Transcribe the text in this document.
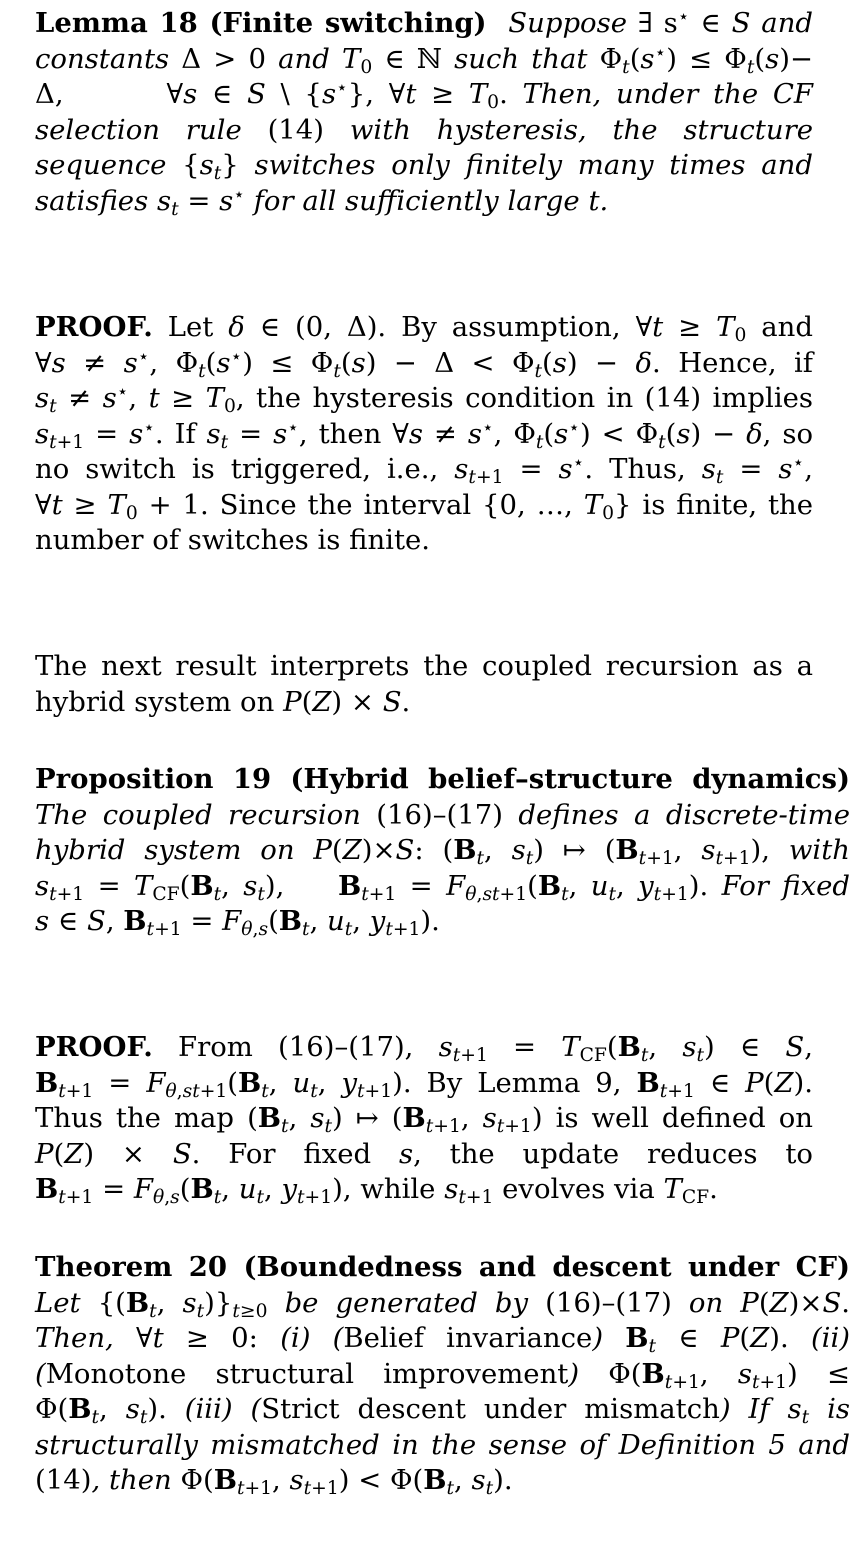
Lemma 18 (Finite switching) Suppose ∃ s⋆ ∈ S and constants Δ > 0 and $T_0$ ∈ ℕ such that $\Phi_t(s^⋆) \le \Phi_t(s)- \Delta$,       ∀s ∈ S \ {s⋆}, ∀t ≥ $T_0$. Then, under the CF selection rule (14) with hysteresis, the structure sequence $\{s_t\}$ switches only finitely many times and satisfies $s_t = s^⋆$ for all sufficiently large t.

PROOF. Let δ ∈ (0, Δ). By assumption, ∀t ≥ $T_0$ and ∀s ≠ s⋆, $\Phi_t(s^⋆) \le \Phi_t(s) - \Delta < \Phi_t(s) - \delta$. Hence, if $s_t \ne s^⋆$, $t \ge T_0$, the hysteresis condition in (14) implies $s_{t+1} = s^⋆$. If $s_t = s^⋆$, then ∀s ≠ s⋆, $\Phi_t(s^⋆) < \Phi_t(s) - \delta$, so no switch is triggered, i.e., $s_{t+1} = s^⋆$. Thus, $s_t = s^⋆$, ∀t ≥ $T_0 + 1$. Since the interval {0, …, $T_0$} is finite, the number of switches is finite.

The next result interprets the coupled recursion as a hybrid system on P(Z) × S.

Proposition 19 (Hybrid belief–structure dynamics) The coupled recursion (16)–(17) defines a discrete-time hybrid system on P(Z)×S: ($B_t$, $s_t$) ↦ ($B_{t+1}$, $s_{t+1}$), with $s_{t+1} = T_{CF}(B_t$, $s_t$), $B_{t+1} = F_{\theta,st+1}(B_t$, $u_t$, $y_{t+1}$). For fixed s ∈ S, $B_{t+1} = F_{\theta,s}(B_t$, $u_t$, $y_{t+1}$).

PROOF. From (16)–(17), $s_{t+1} = T_{CF}(B_t$, $s_t$) ∈ S, $B_{t+1} = F_{\theta,st+1}(B_t$, $u_t$, $y_{t+1}$). By Lemma 9, $B_{t+1}$ ∈ P(Z). Thus the map ($B_t$, $s_t$) ↦ ($B_{t+1}$, $s_{t+1}$) is well defined on P(Z) × S. For fixed s, the update reduces to $B_{t+1} = F_{\theta,s}(B_t$, $u_t$, $y_{t+1}$), while $s_{t+1}$ evolves via $T_{CF}$.

Theorem 20 (Boundedness and descent under CF) Let {($B_t$, $s_t)\}_{t\ge 0}$ be generated by (16)–(17) on P(Z)×S. Then, ∀t ≥ 0: (i) (Belief invariance) $B_t$ ∈ P(Z). (ii) (Monotone structural improvement) $\Phi(B_{t+1}$, $s_{t+1}) \le \Phi(B_t$, $s_t$). (iii) (Strict descent under mismatch) If $s_t$ is structurally mismatched in the sense of Definition 5 and (14), then $\Phi(B_{t+1}$, $s_{t+1}) < \Phi(B_t$, $s_t$).
